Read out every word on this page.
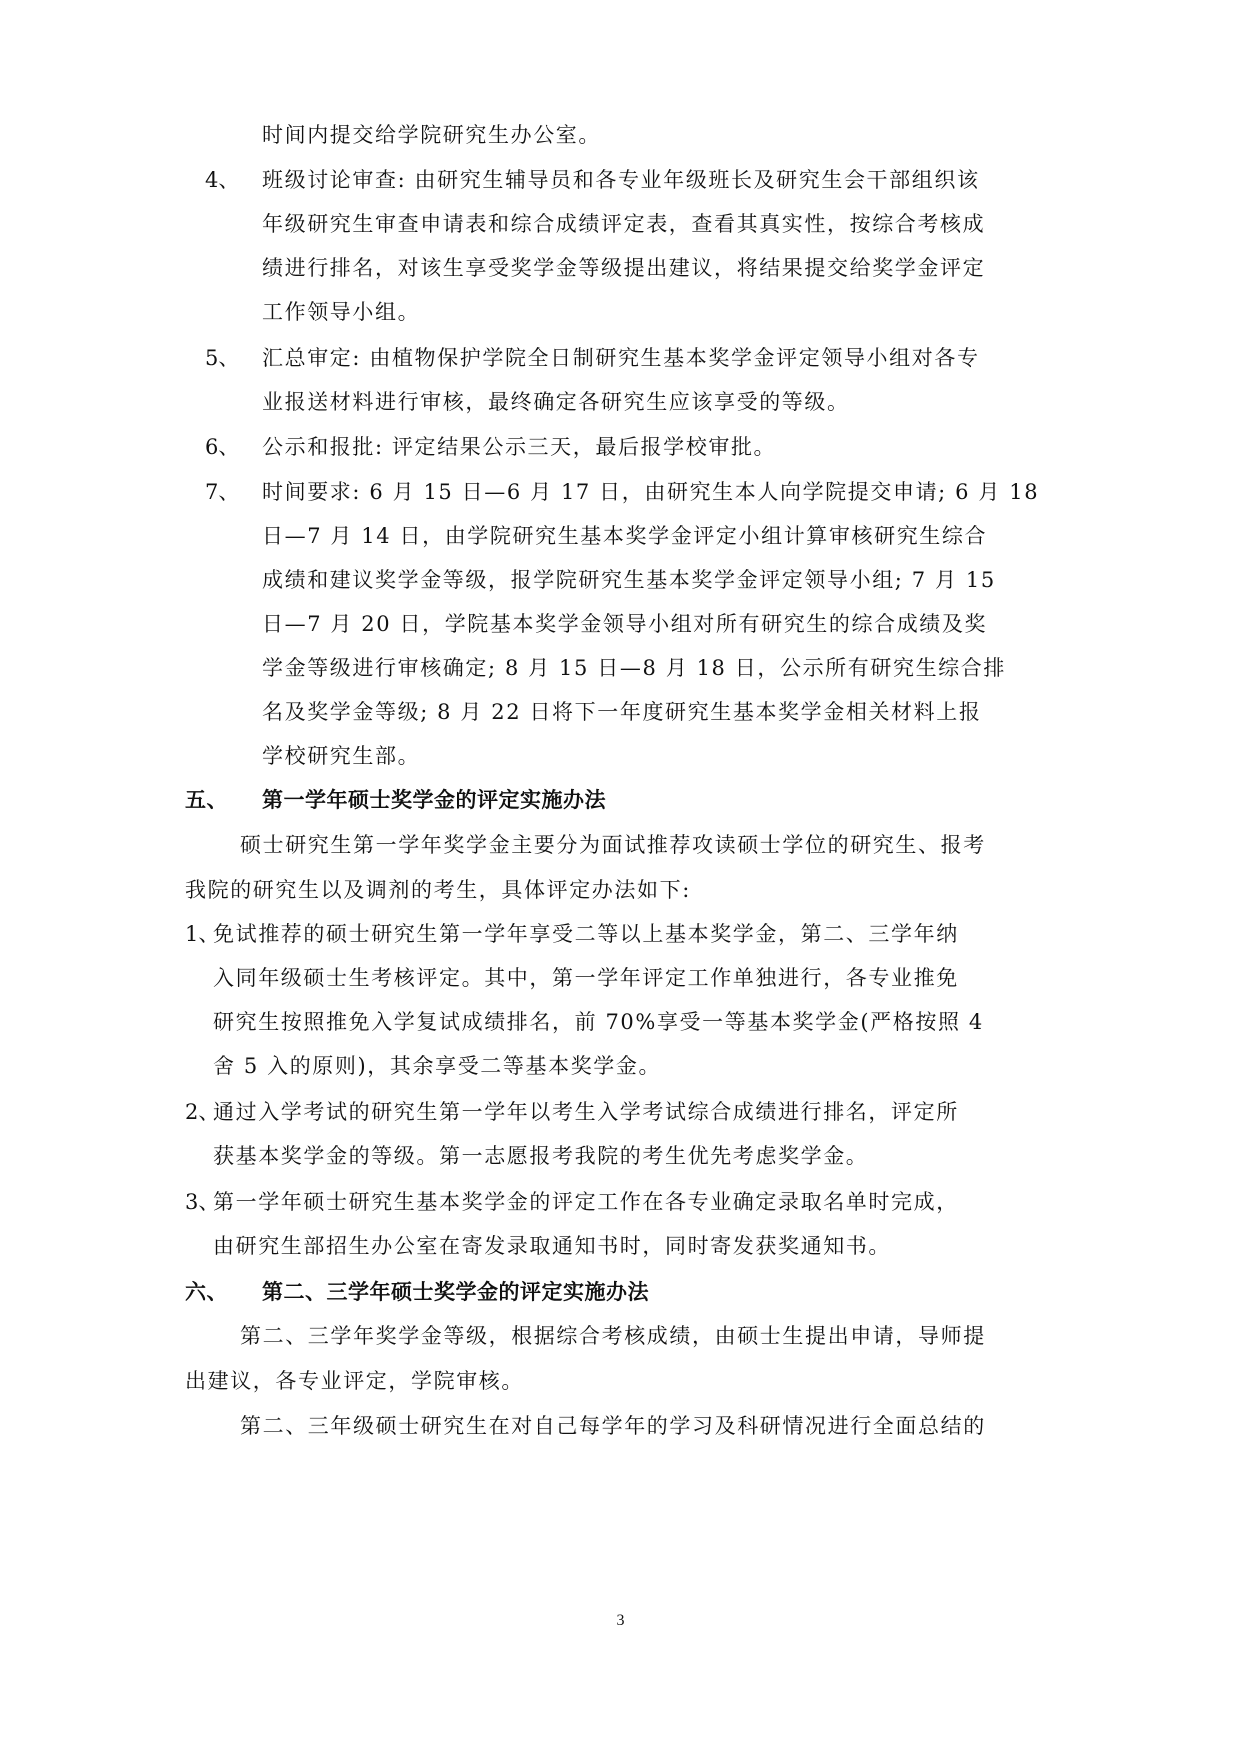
时间内提交给学院研究生办公室。
4、 班级讨论审查: 由研究生辅导员和各专业年级班长及研究生会干部组织该
年级研究生审查申请表和综合成绩评定表，查看其真实性，按综合考核成
绩进行排名，对该生享受奖学金等级提出建议，将结果提交给奖学金评定
工作领导小组。
5、 汇总审定: 由植物保护学院全日制研究生基本奖学金评定领导小组对各专
业报送材料进行审核，最终确定各研究生应该享受的等级。
6、 公示和报批: 评定结果公示三天，最后报学校审批。
7、 时间要求: 6 月 15 日—6 月 17 日，由研究生本人向学院提交申请; 6 月 18
日—7 月 14 日，由学院研究生基本奖学金评定小组计算审核研究生综合
成绩和建议奖学金等级，报学院研究生基本奖学金评定领导小组; 7 月 15
日—7 月 20 日，学院基本奖学金领导小组对所有研究生的综合成绩及奖
学金等级进行审核确定; 8 月 15 日—8 月 18 日，公示所有研究生综合排
名及奖学金等级; 8 月 22 日将下一年度研究生基本奖学金相关材料上报
学校研究生部。
五、 第一学年硕士奖学金的评定实施办法
硕士研究生第一学年奖学金主要分为面试推荐攻读硕士学位的研究生、报考
我院的研究生以及调剂的考生，具体评定办法如下:
1、
免试推荐的硕士研究生第一学年享受二等以上基本奖学金，第二、三学年纳
入同年级硕士生考核评定。其中，第一学年评定工作单独进行，各专业推免
研究生按照推免入学复试成绩排名，前 70%享受一等基本奖学金(严格按照 4
舍 5 入的原则)，其余享受二等基本奖学金。
2、
通过入学考试的研究生第一学年以考生入学考试综合成绩进行排名，评定所
获基本奖学金的等级。第一志愿报考我院的考生优先考虑奖学金。
3、
第一学年硕士研究生基本奖学金的评定工作在各专业确定录取名单时完成，
由研究生部招生办公室在寄发录取通知书时，同时寄发获奖通知书。
六、 第二、三学年硕士奖学金的评定实施办法
第二、三学年奖学金等级，根据综合考核成绩，由硕士生提出申请，导师提
出建议，各专业评定，学院审核。
第二、三年级硕士研究生在对自己每学年的学习及科研情况进行全面总结的
3
